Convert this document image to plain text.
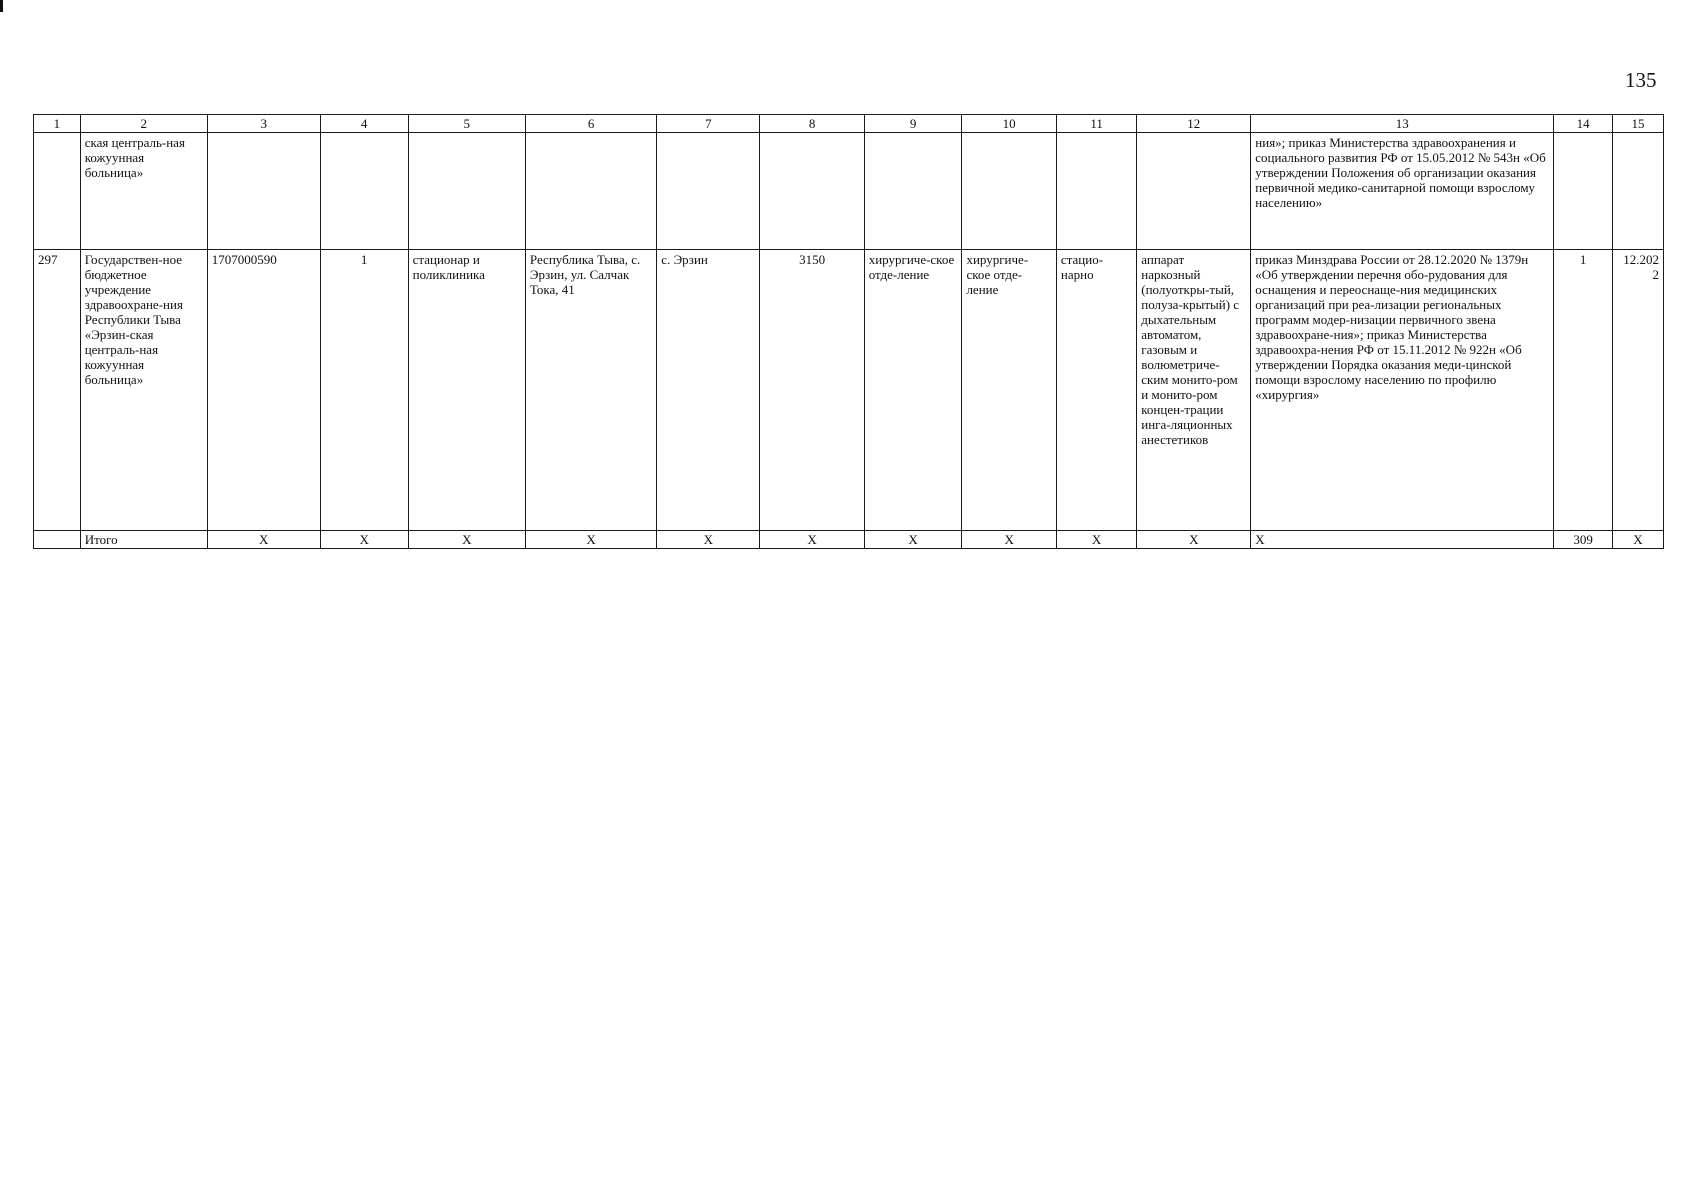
135
1	2	3	4	5	6	7	8	9	10	11	12	13	14	15
	ская централь-ная кожуунная больница»											ния»; приказ Министерства здравоохранения и социального развития РФ от 15.05.2012 № 543н «Об утверждении Положения об организации оказания первичной медико-санитарной помощи взрослому населению»		
297	Государствен-ное бюджетное учреждение здравоохране-ния Республики Тыва «Эрзин-ская централь-ная кожуунная больница»	1707000590	1	стационар и поликлиника	Республика Тыва, с. Эрзин, ул. Салчак Тока, 41	с. Эрзин	3150	хирургиче-ское отде-ление	хирургиче-ское отде-ление	стацио-нарно	аппарат наркозный (полуоткры-тый, полуза-крытый) с дыхательным автоматом, газовым и волюметриче-ским монито-ром и монито-ром концен-трации инга-ляционных анестетиков	приказ Минздрава России от 28.12.2020 № 1379н «Об утверждении перечня обо-рудования для оснащения и переоснаще-ния медицинских организаций при реа-лизации региональных программ модер-низации первичного звена здравоохране-ния»; приказ Министерства здравоохра-нения РФ от 15.11.2012 № 922н «Об утверждении Порядка оказания меди-цинской помощи взрослому населению по профилю «хирургия»	1	12.2022
	Итого	Х	Х	Х	Х	Х	Х	Х	Х	Х	Х	Х	309	Х
